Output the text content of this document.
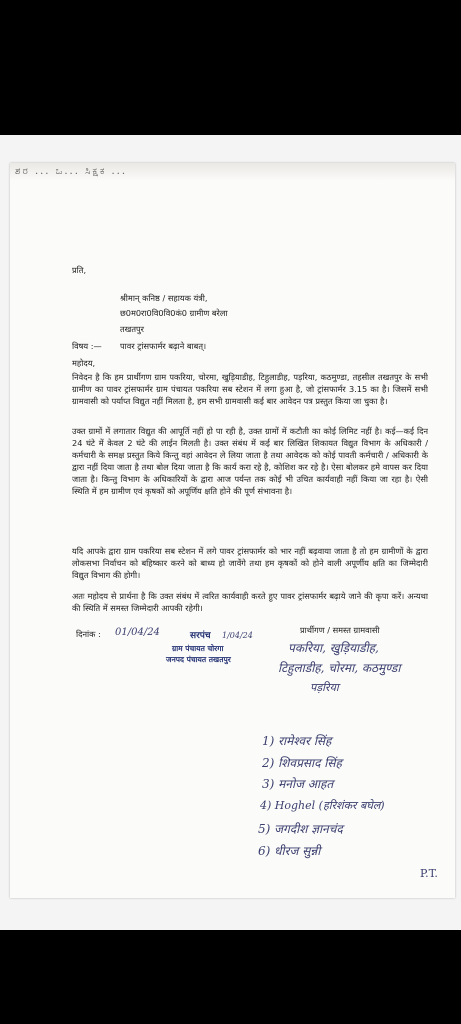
ಶರ ... ಒ... ಸಿಕ್ಷಕ ...
प्रति,
श्रीमान् कनिष्ठ / सहायक यंत्री,
छ0म0रा0वि0वि0कं0 ग्रामीण बरेला
तखतपुर
विषय :— पावर ट्रांसफार्मर बढ़ाने बाबत्।
महोदय,
निवेदन है कि हम प्रार्थीगण ग्राम पकरिया, चोरमा, खुड़ियाडीह, टिहुलाडीह, पड़रिया, कठमुण्डा, तहसील तखतपुर के सभी ग्रामीण का पावर ट्रांसफार्मर ग्राम पंचायत पकरिया सब स्टेशन में लगा हुआ है, जो ट्रांसफार्मर 3.15 का है। जिसमें सभी ग्रामवासी को पर्याप्त विद्युत नहीं मिलता है, हम सभी ग्रामवासी कई बार आवेदन पत्र प्रस्तुत किया जा चुका है।
उक्त ग्रामों में लगातार विद्युत की आपूर्ति नहीं हो पा रही है, उक्त ग्रामों में कटौती का कोई लिमिट नहीं है। कई—कई दिन 24 घंटे में केवल 2 घंटे की लाईन मिलती है। उक्त संबंध में कई बार लिखित शिकायत विद्युत विभाग के अधिकारी / कर्मचारी के समक्ष प्रस्तुत किये किन्तु वहां आवेदन ले लिया जाता है तथा आवेदक को कोई पावती कर्मचारी / अधिकारी के द्वारा नहीं दिया जाता है तथा बोल दिया जाता है कि कार्य करा रहे है, कोशिश कर रहे है। ऐसा बोलकर हमे वापस कर दिया जाता है। किन्तु विभाग के अधिकारियों के द्वारा आज पर्यन्त तक कोई भी उचित कार्यवाही नहीं किया जा रहा है। ऐसी स्थिति में हम ग्रामीण एवं कृषकों को अपूर्णिय क्षति होने की पूर्ण संभावना है।
यदि आपके द्वारा ग्राम पकरिया सब स्टेशन में लगे पावर ट्रांसफार्मर को भार नहीं बढ़वाया जाता है तो हम ग्रामीणों के द्वारा लोकसभा निर्वाचन को बहिष्कार करने को बाध्य हो जावेंगे तथा हम कृषकों को होने वाली अपूर्णीय क्षति का जिम्मेदारी विद्युत विभाग की होगी।
अतः महोदय से प्रार्थना है कि उक्त संबंध में त्वरित कार्यवाही करते हुए पावर ट्रांसफार्मर बढ़ाये जाने की कृपा करें। अन्यथा की स्थिति में समस्त जिम्मेदारी आपकी रहेगी।
दिनांक : 01/04/24	सरपंच 1/04/24
ग्राम पंचायत चोरगा
जनपद पंचायत तखतपुर
प्रार्थीगण / समस्त ग्रामवासी
पकरिया, खुड़ियाडीह,
टिहुलाडीह, चोरमा, कठमुण्डा
पड़रिया
1) रामेश्वर सिंह
2) शिवप्रसाद सिंह
3) मनोज आहत
4) Hoghel (हरिशंकर बघेल)
5) जगदीश ज्ञानचंद
6) धीरज सुन्नी
P.T.
